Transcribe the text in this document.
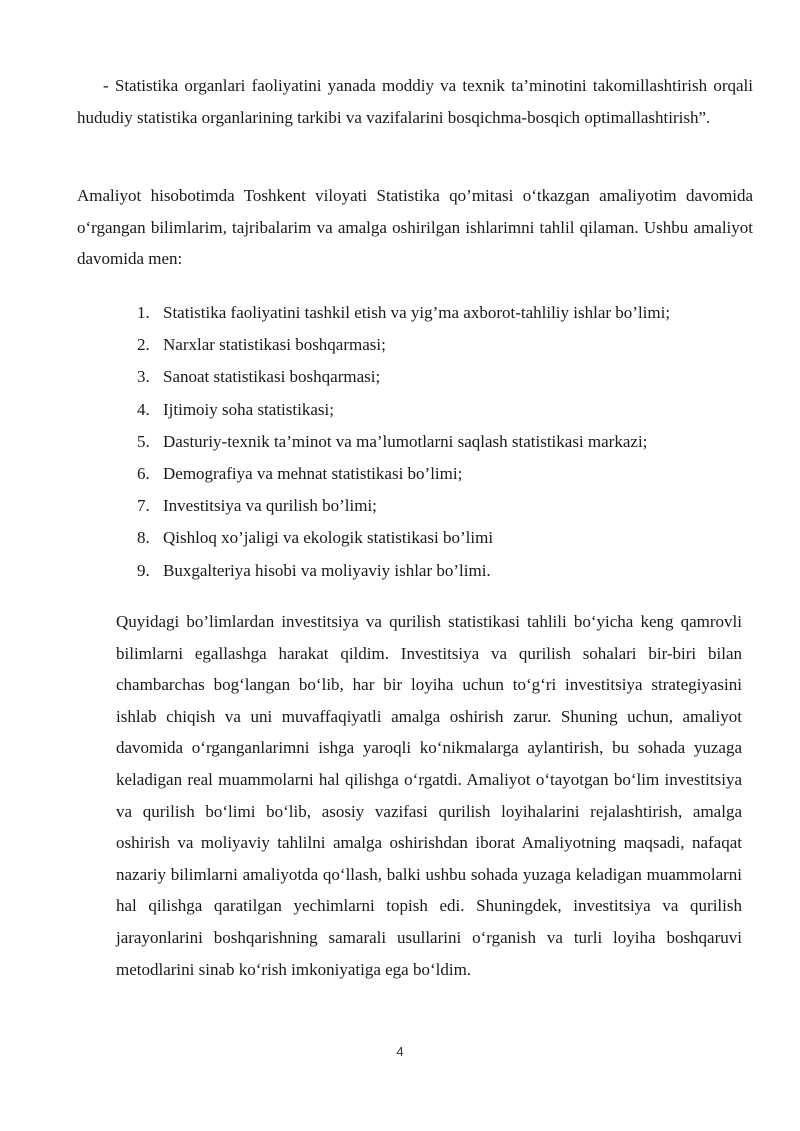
- Statistika organlari faoliyatini yanada moddiy va texnik ta’minotini takomillashtirish orqali hududiy statistika organlarining tarkibi va vazifalarini bosqichma-bosqich optimallashtirish”.

Amaliyot hisobotimda Toshkent viloyati Statistika qo’mitasi o‘tkazgan amaliyotim davomida o‘rgangan bilimlarim, tajribalarim va amalga oshirilgan ishlarimni tahlil qilaman. Ushbu amaliyot davomida men:

1. Statistika faoliyatini tashkil etish va yig’ma axborot-tahliliy ishlar bo’limi;
2. Narxlar statistikasi boshqarmasi;
3. Sanoat statistikasi boshqarmasi;
4. Ijtimoiy soha statistikasi;
5. Dasturiy-texnik ta’minot va ma’lumotlarni saqlash statistikasi markazi;
6. Demografiya va mehnat statistikasi bo’limi;
7. Investitsiya va qurilish bo’limi;
8. Qishloq xo’jaligi va ekologik statistikasi bo’limi
9. Buxgalteriya hisobi va moliyaviy ishlar bo’limi.

Quyidagi bo’limlardan investitsiya va qurilish statistikasi tahlili bo‘yicha keng qamrovli bilimlarni egallashga harakat qildim. Investitsiya va qurilish sohalari bir-biri bilan chambarchas bog‘langan bo‘lib, har bir loyiha uchun to‘g‘ri investitsiya strategiyasini ishlab chiqish va uni muvaffaqiyatli amalga oshirish zarur. Shuning uchun, amaliyot davomida o‘rganganlarimni ishga yaroqli ko‘nikmalarga aylantirish, bu sohada yuzaga keladigan real muammolarni hal qilishga o‘rgatdi. Amaliyot o‘tayotgan bo‘lim investitsiya va qurilish bo‘limi bo‘lib, asosiy vazifasi qurilish loyihalarini rejalashtirish, amalga oshirish va moliyaviy tahlilni amalga oshirishdan iborat Amaliyotning maqsadi, nafaqat nazariy bilimlarni amaliyotda qo‘llash, balki ushbu sohada yuzaga keladigan muammolarni hal qilishga qaratilgan yechimlarni topish edi. Shuningdek, investitsiya va qurilish jarayonlarini boshqarishning samarali usullarini o‘rganish va turli loyiha boshqaruvi metodlarini sinab ko‘rish imkoniyatiga ega bo‘ldim.

4
